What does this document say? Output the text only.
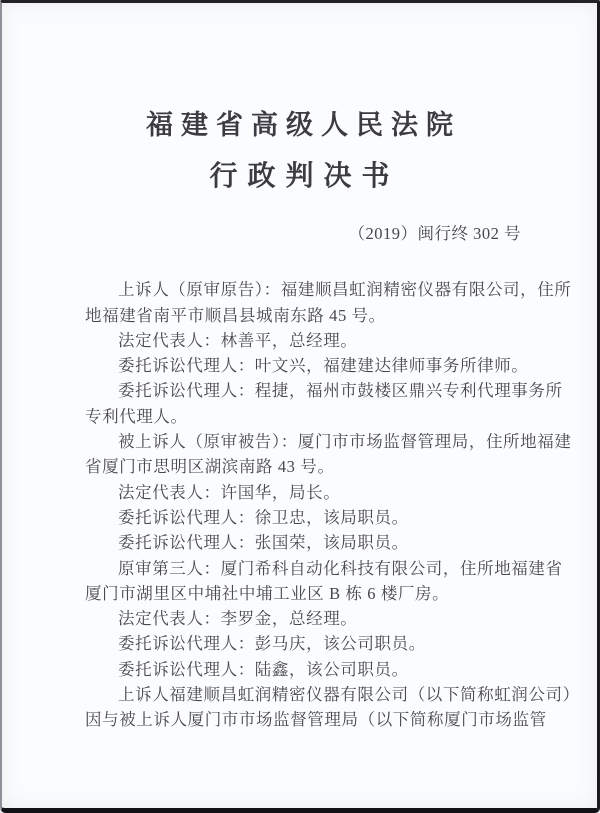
福建省高级人民法院
行政判决书
（2019）闽行终 302 号
上诉人（原审原告）：福建顺昌虹润精密仪器有限公司，住所
地福建省南平市顺昌县城南东路 45 号。
法定代表人：林善平，总经理。
委托诉讼代理人：叶文兴，福建建达律师事务所律师。
委托诉讼代理人：程捷，福州市鼓楼区鼎兴专利代理事务所
专利代理人。
被上诉人（原审被告）：厦门市市场监督管理局，住所地福建
省厦门市思明区湖滨南路 43 号。
法定代表人：许国华，局长。
委托诉讼代理人：徐卫忠，该局职员。
委托诉讼代理人：张国荣，该局职员。
原审第三人：厦门希科自动化科技有限公司，住所地福建省
厦门市湖里区中埔社中埔工业区 B 栋 6 楼厂房。
法定代表人：李罗金，总经理。
委托诉讼代理人：彭马庆，该公司职员。
委托诉讼代理人：陆鑫，该公司职员。
上诉人福建顺昌虹润精密仪器有限公司（以下简称虹润公司）
因与被上诉人厦门市市场监督管理局（以下简称厦门市场监管
